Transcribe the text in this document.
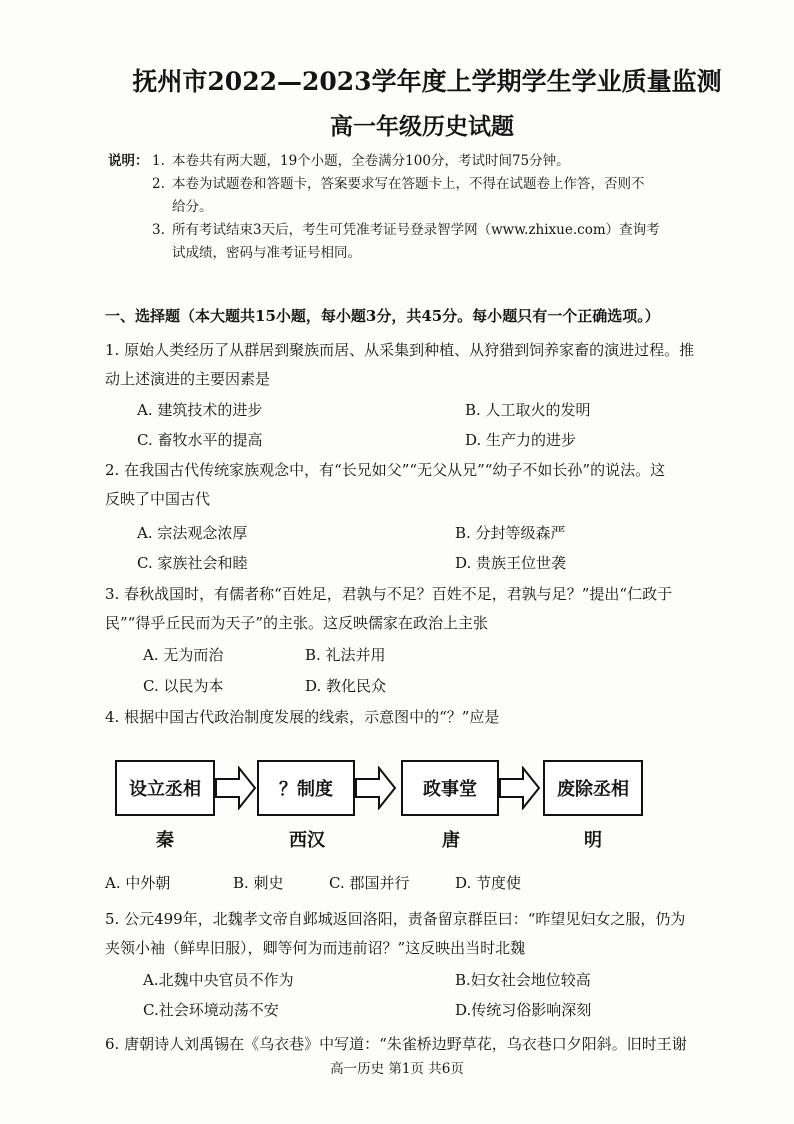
抚州市2022—2023学年度上学期学生学业质量监测
高一年级历史试题
说明： 1. 本卷共有两大题，19个小题，全卷满分100分，考试时间75分钟。
2. 本卷为试题卷和答题卡，答案要求写在答题卡上，不得在试题卷上作答，否则不
给分。
3. 所有考试结束3天后，考生可凭准考证号登录智学网（www.zhixue.com）查询考
试成绩，密码与准考证号相同。
一、选择题（本大题共15小题，每小题3分，共45分。每小题只有一个正确选项。）
1. 原始人类经历了从群居到聚族而居、从采集到种植、从狩猎到饲养家畜的演进过程。推
动上述演进的主要因素是
A. 建筑技术的进步	B. 人工取火的发明
C. 畜牧水平的提高	D. 生产力的进步
2. 在我国古代传统家族观念中，有“长兄如父”“无父从兄”“幼子不如长孙”的说法。这
反映了中国古代
A. 宗法观念浓厚	B. 分封等级森严
C. 家族社会和睦	D. 贵族王位世袭
3. 春秋战国时，有儒者称“百姓足，君孰与不足？百姓不足，君孰与足？”提出“仁政于
民”“得乎丘民而为天子”的主张。这反映儒家在政治上主张
A. 无为而治	B. 礼法并用
C. 以民为本	D. 教化民众
4. 根据中国古代政治制度发展的线索，示意图中的“？”应是
设立丞相	？制度	政事堂	废除丞相
秦	西汉	唐	明
A. 中外朝	B. 刺史	C. 郡国并行	D. 节度使
5. 公元499年，北魏孝文帝自邺城返回洛阳，责备留京群臣曰：“昨望见妇女之服，仍为
夹领小袖（鲜卑旧服），卿等何为而违前诏？”这反映出当时北魏
A.北魏中央官员不作为	B.妇女社会地位较高
C.社会环境动荡不安	D.传统习俗影响深刻
6. 唐朝诗人刘禹锡在《乌衣巷》中写道：“朱雀桥边野草花，乌衣巷口夕阳斜。旧时王谢
高一历史 第1页 共6页
